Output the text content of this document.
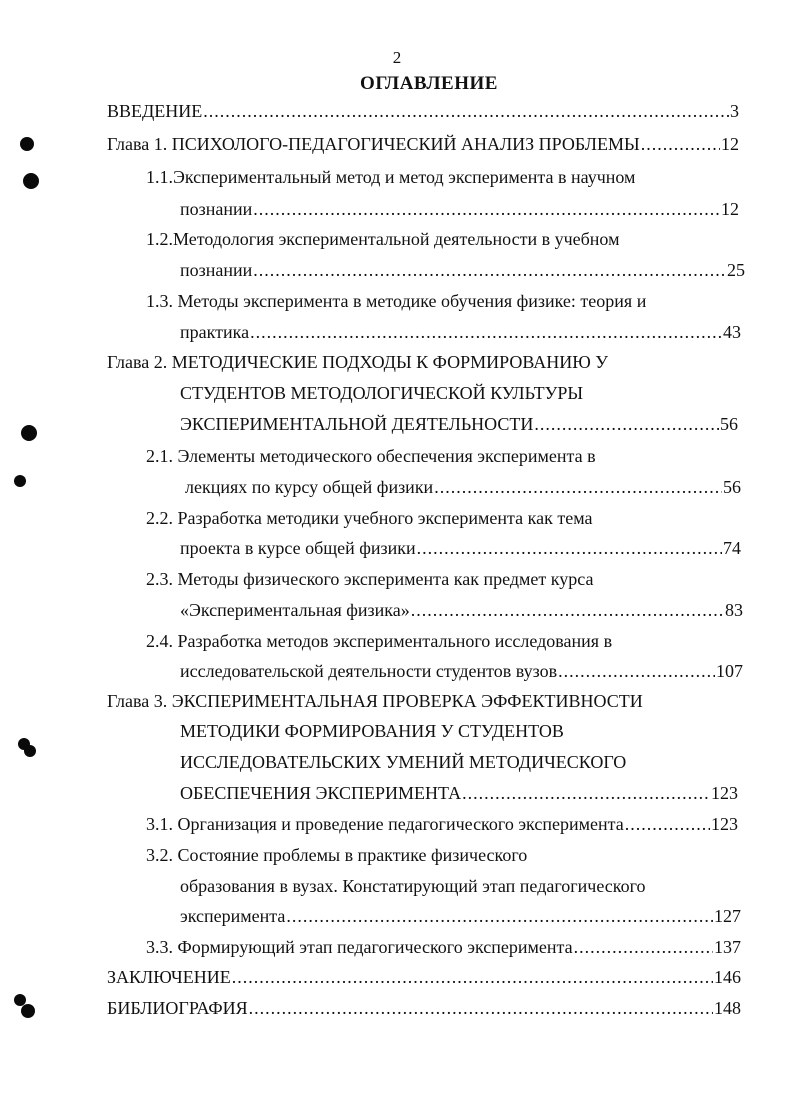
2
ОГЛАВЛЕНИЕ
ВВЕДЕНИЕ .....	3
Глава 1. ПСИХОЛОГО-ПЕДАГОГИЧЕСКИЙ АНАЛИЗ ПРОБЛЕМЫ .....	12
1.1.Экспериментальный метод и метод эксперимента в научном
познании .....	12
1.2.Методология экспериментальной деятельности в учебном
познании .....	25
1.3. Методы эксперимента в методике обучения физике: теория и
практика .....	43
Глава 2. МЕТОДИЧЕСКИЕ ПОДХОДЫ К ФОРМИРОВАНИЮ У
СТУДЕНТОВ МЕТОДОЛОГИЧЕСКОЙ КУЛЬТУРЫ
ЭКСПЕРИМЕНТАЛЬНОЙ ДЕЯТЕЛЬНОСТИ .....	56
2.1. Элементы методического обеспечения эксперимента в
лекциях по курсу общей физики .....	56
2.2. Разработка методики учебного эксперимента как тема
проекта в курсе общей физики .....	74
2.3. Методы физического эксперимента как предмет курса
«Экспериментальная физика» .....	83
2.4. Разработка методов экспериментального исследования в
исследовательской деятельности студентов вузов .....	107
Глава 3. ЭКСПЕРИМЕНТАЛЬНАЯ ПРОВЕРКА ЭФФЕКТИВНОСТИ
МЕТОДИКИ ФОРМИРОВАНИЯ У СТУДЕНТОВ
ИССЛЕДОВАТЕЛЬСКИХ УМЕНИЙ МЕТОДИЧЕСКОГО
ОБЕСПЕЧЕНИЯ ЭКСПЕРИМЕНТА .....	123
3.1. Организация и проведение педагогического эксперимента .....	123
3.2. Состояние проблемы в практике физического
образования в вузах. Констатирующий этап педагогического
эксперимента .....	127
3.3. Формирующий этап педагогического эксперимента .....	137
ЗАКЛЮЧЕНИЕ .....	146
БИБЛИОГРАФИЯ .....	148
